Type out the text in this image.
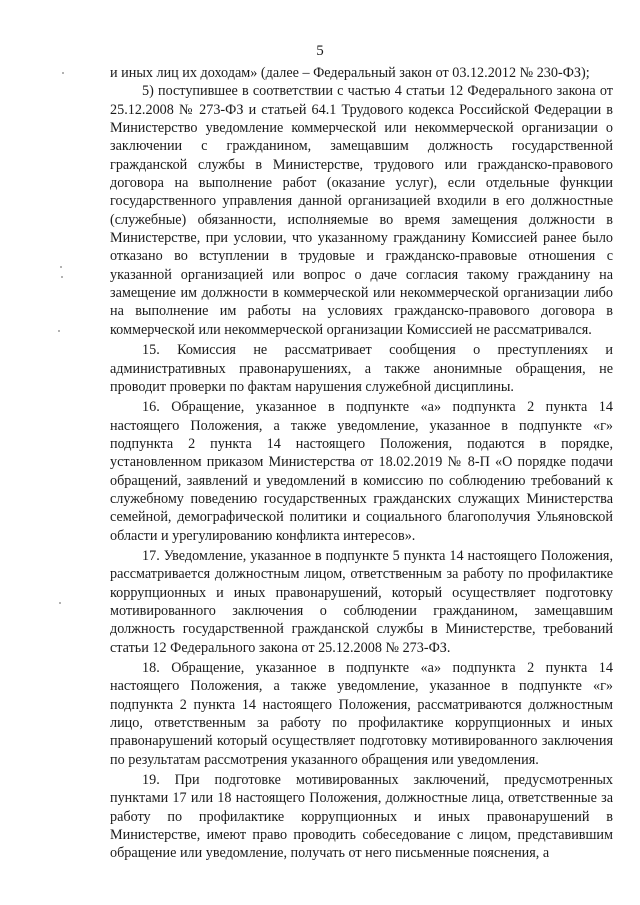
5

и иных лиц их доходам» (далее – Федеральный закон от 03.12.2012 № 230-ФЗ);

5) поступившее в соответствии с частью 4 статьи 12 Федерального закона от 25.12.2008 № 273-ФЗ и статьей 64.1 Трудового кодекса Российской Федерации в Министерство уведомление коммерческой или некоммерческой организации о заключении с гражданином, замещавшим должность государственной гражданской службы в Министерстве, трудового или гражданско-правового договора на выполнение работ (оказание услуг), если отдельные функции государственного управления данной организацией входили в его должностные (служебные) обязанности, исполняемые во время замещения должности в Министерстве, при условии, что указанному гражданину Комиссией ранее было отказано во вступлении в трудовые и гражданско-правовые отношения с указанной организацией или вопрос о даче согласия такому гражданину на замещение им должности в коммерческой или некоммерческой организации либо на выполнение им работы на условиях гражданско-правового договора в коммерческой или некоммерческой организации Комиссией не рассматривался.

15. Комиссия не рассматривает сообщения о преступлениях и административных правонарушениях, а также анонимные обращения, не проводит проверки по фактам нарушения служебной дисциплины.

16. Обращение, указанное в подпункте «а» подпункта 2 пункта 14 настоящего Положения, а также уведомление, указанное в подпункте «г» подпункта 2 пункта 14 настоящего Положения, подаются в порядке, установленном приказом Министерства от 18.02.2019 № 8-П «О порядке подачи обращений, заявлений и уведомлений в комиссию по соблюдению требований к служебному поведению государственных гражданских служащих Министерства семейной, демографической политики и социального благополучия Ульяновской области и урегулированию конфликта интересов».

17. Уведомление, указанное в подпункте 5 пункта 14 настоящего Положения, рассматривается должностным лицом, ответственным за работу по профилактике коррупционных и иных правонарушений, который осуществляет подготовку мотивированного заключения о соблюдении гражданином, замещавшим должность государственной гражданской службы в Министерстве, требований статьи 12 Федерального закона от 25.12.2008 № 273-ФЗ.

18. Обращение, указанное в подпункте «а» подпункта 2 пункта 14 настоящего Положения, а также уведомление, указанное в подпункте «г» подпункта 2 пункта 14 настоящего Положения, рассматриваются должностным лицо, ответственным за работу по профилактике коррупционных и иных правонарушений который осуществляет подготовку мотивированного заключения по результатам рассмотрения указанного обращения или уведомления.

19. При подготовке мотивированных заключений, предусмотренных пунктами 17 или 18 настоящего Положения, должностные лица, ответственные за работу по профилактике коррупционных и иных правонарушений в Министерстве, имеют право проводить собеседование с лицом, представившим обращение или уведомление, получать от него письменные пояснения, а
